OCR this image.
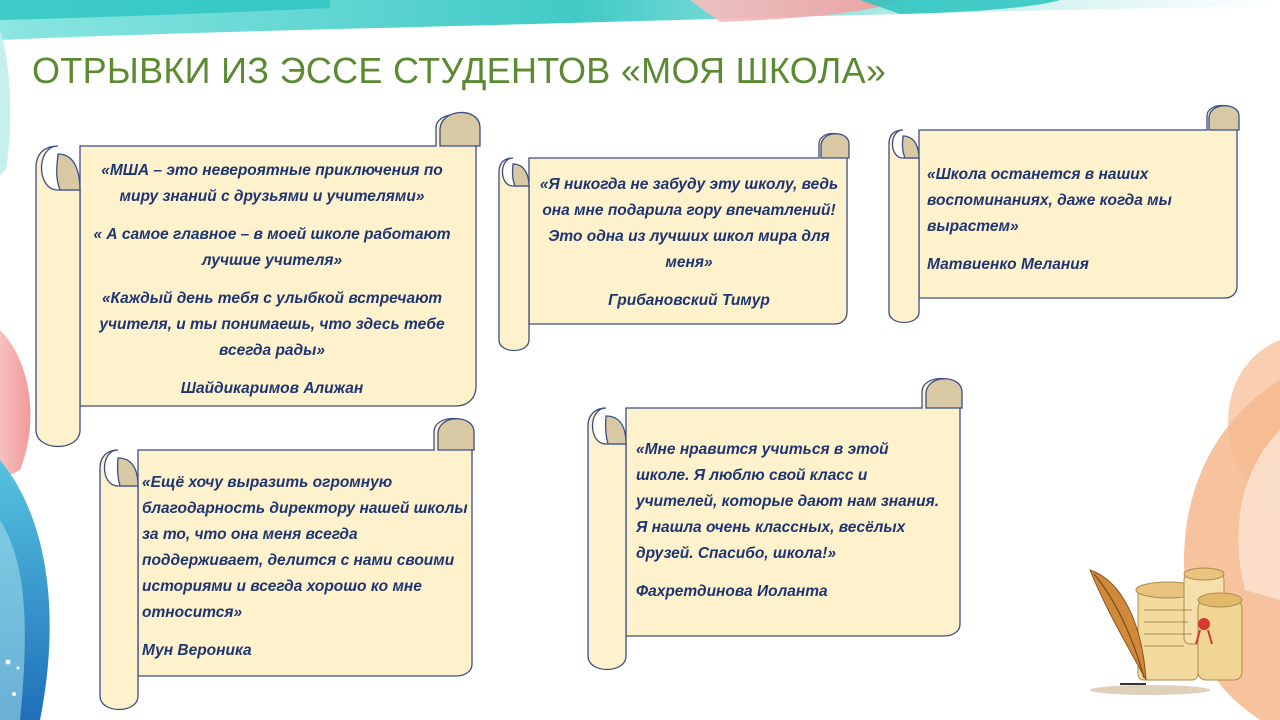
ОТРЫВКИ ИЗ ЭССЕ СТУДЕНТОВ «МОЯ ШКОЛА»

«МША – это невероятные приключения по миру знаний с друзьями и учителями»

« А самое главное – в моей школе работают лучшие учителя»

«Каждый день тебя с улыбкой встречают учителя, и ты понимаешь, что здесь тебе всегда рады»

Шайдикаримов Алижан

«Я никогда не забуду эту школу, ведь она мне подарила гору впечатлений! Это одна из лучших школ мира для меня»

Грибановский Тимур

«Школа останется в наших воспоминаниях, даже когда мы вырастем»

Матвиенко Мелания

«Ещё хочу выразить огромную благодарность директору нашей школы за то, что она меня всегда поддерживает, делится с нами своими историями и всегда хорошо ко мне относится»

Мун Вероника

«Мне нравится учиться в этой школе. Я люблю свой класс и учителей, которые дают нам знания. Я нашла очень классных, весёлых друзей. Спасибо, школа!»

Фахретдинова Иоланта
